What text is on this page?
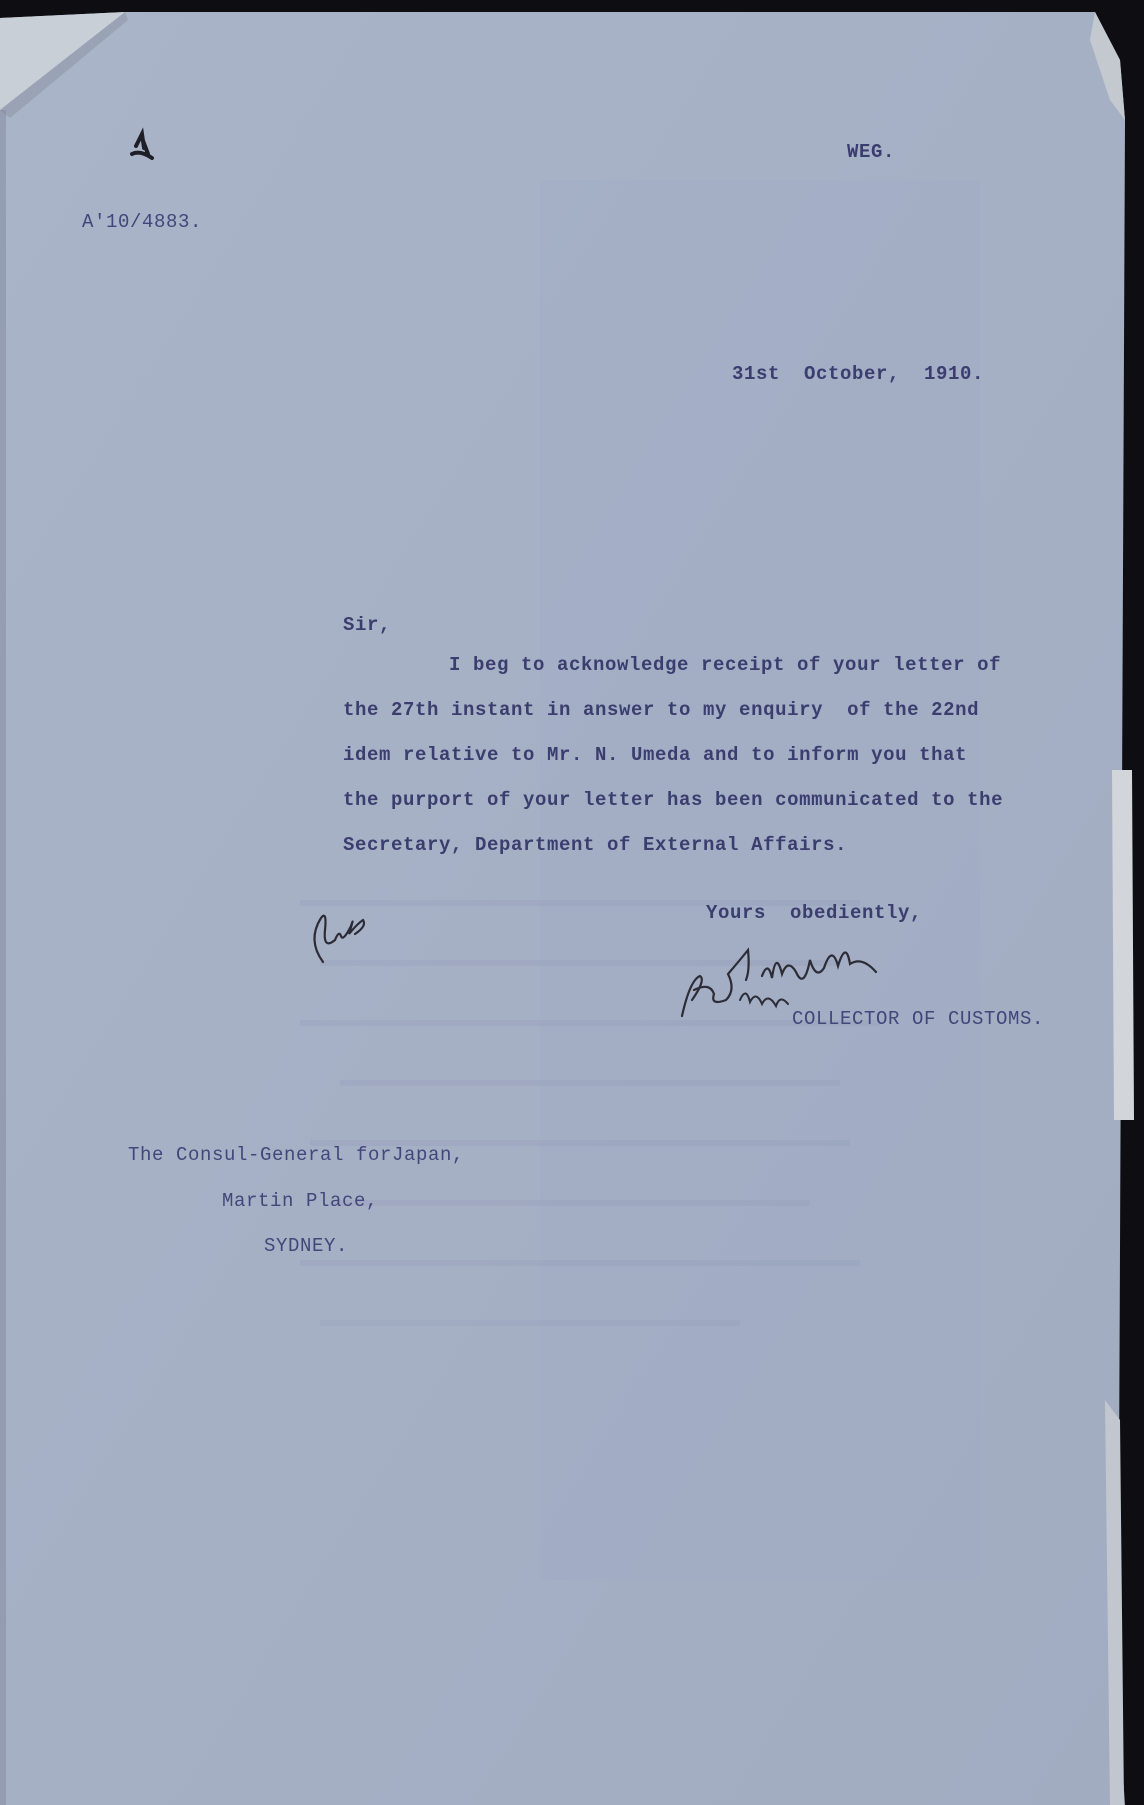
A'10/4883.

WEG.

31st  October,  1910.

Sir,

I beg to acknowledge receipt of your letter of

the 27th instant in answer to my enquiry  of the 22nd

idem relative to Mr. N. Umeda and to inform you that

the purport of your letter has been communicated to the

Secretary, Department of External Affairs.

Yours  obediently,

COLLECTOR OF CUSTOMS.

The Consul-General forJapan,

Martin Place,

SYDNEY.
